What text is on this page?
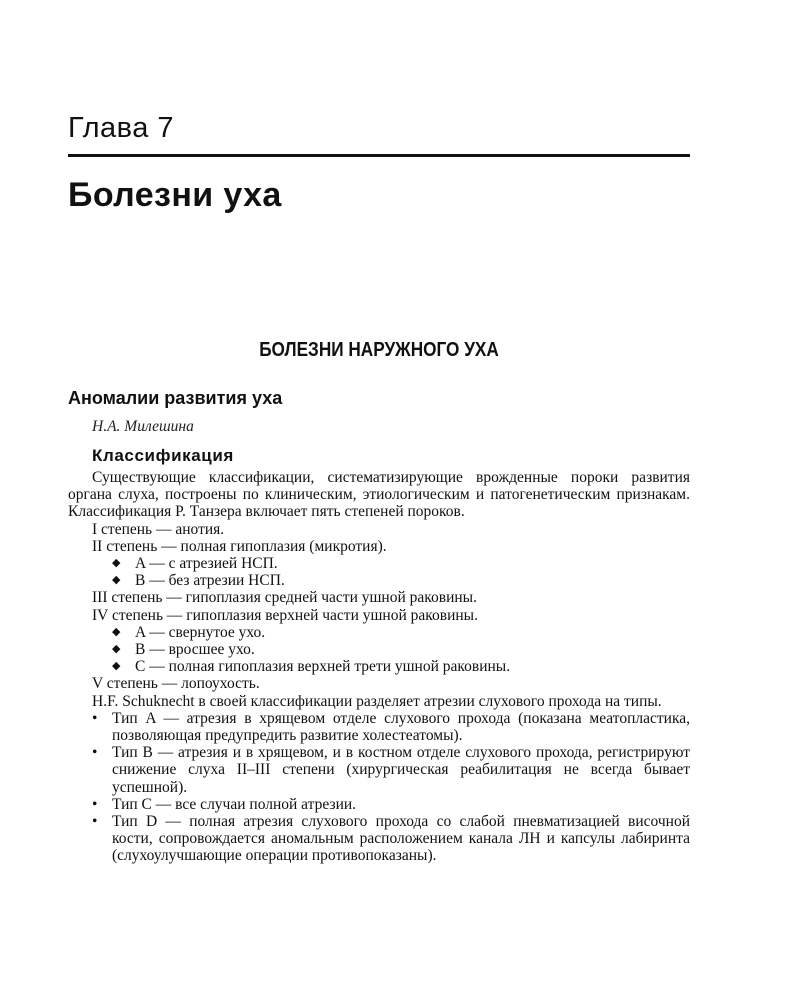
Глава 7
Болезни уха
БОЛЕЗНИ НАРУЖНОГО УХА
Аномалии развития уха
Н.А. Милешина
Классификация

Существующие классификации, систематизирующие врожденные пороки развития органа слуха, построены по клиническим, этиологическим и патогенетическим признакам. Классификация P. Танзера включает пять степеней пороков.

I степень — анотия.

II степень — полная гипоплазия (микротия).

◆ A — с атрезией НСП.
◆ B — без атрезии НСП.

III степень — гипоплазия средней части ушной раковины.

IV степень — гипоплазия верхней части ушной раковины.

◆ A — свернутое ухо.
◆ B — вросшее ухо.
◆ C — полная гипоплазия верхней трети ушной раковины.

V степень — лопоухость.

H.F. Schuknecht в своей классификации разделяет атрезии слухового прохода на типы.

• Тип A — атрезия в хрящевом отделе слухового прохода (показана меатопластика, позволяющая предупредить развитие холестеатомы).
• Тип B — атрезия и в хрящевом, и в костном отделе слухового прохода, регистрируют снижение слуха II–III степени (хирургическая реабилитация не всегда бывает успешной).
• Тип C — все случаи полной атрезии.
• Тип D — полная атрезия слухового прохода со слабой пневматизацией височной кости, сопровождается аномальным расположением канала ЛН и капсулы лабиринта (слухоулучшающие операции противопоказаны).
